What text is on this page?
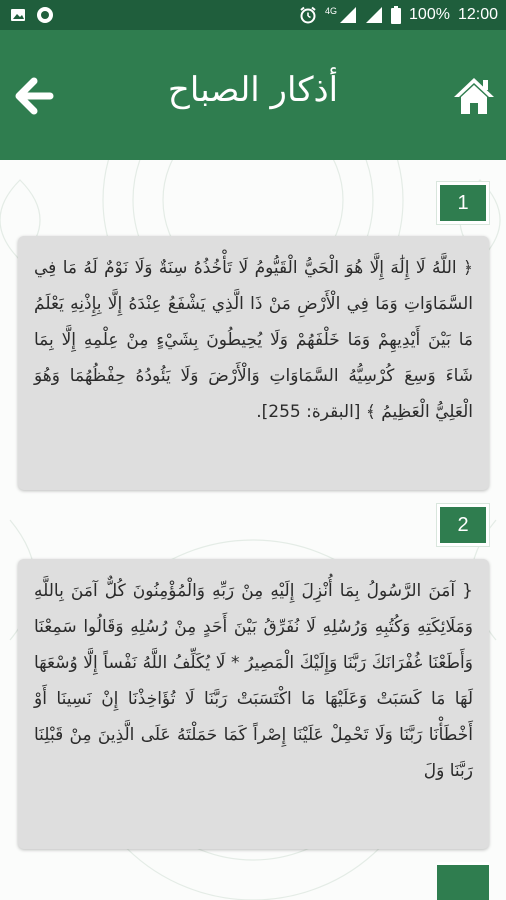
4G	100% 12:00
أذكار الصباح
1
﴿ اللَّهُ لَا إِلَٰهَ إِلَّا هُوَ الْحَيُّ الْقَيُّومُ لَا تَأْخُذُهُ سِنَةٌ وَلَا نَوْمٌ لَهُ مَا فِي السَّمَاوَاتِ وَمَا فِي الْأَرْضِ مَنْ ذَا الَّذِي يَشْفَعُ عِنْدَهُ إِلَّا بِإِذْنِهِ يَعْلَمُ مَا بَيْنَ أَيْدِيهِمْ وَمَا خَلْفَهُمْ وَلَا يُحِيطُونَ بِشَيْءٍ مِنْ عِلْمِهِ إِلَّا بِمَا شَاءَ وَسِعَ كُرْسِيُّهُ السَّمَاوَاتِ وَالْأَرْضَ وَلَا يَئُودُهُ حِفْظُهُمَا وَهُوَ الْعَلِيُّ الْعَظِيمُ ﴾ [البقرة: 255].
2
{ آمَنَ الرَّسُولُ بِمَا أُنْزِلَ إِلَيْهِ مِنْ رَبِّهِ وَالْمُؤْمِنُونَ كُلٌّ آمَنَ بِاللَّهِ وَمَلَائِكَتِهِ وَكُتُبِهِ وَرُسُلِهِ لَا نُفَرِّقُ بَيْنَ أَحَدٍ مِنْ رُسُلِهِ وَقَالُوا سَمِعْنَا وَأَطَعْنَا غُفْرَانَكَ رَبَّنَا وَإِلَيْكَ الْمَصِيرُ * لَا يُكَلِّفُ اللَّهُ نَفْساً إِلَّا وُسْعَهَا لَهَا مَا كَسَبَتْ وَعَلَيْهَا مَا اكْتَسَبَتْ رَبَّنَا لَا تُؤَاخِذْنَا إِنْ نَسِينَا أَوْ أَخْطَأْنَا رَبَّنَا وَلَا تَحْمِلْ عَلَيْنَا إِصْراً كَمَا حَمَلْتَهُ عَلَى الَّذِينَ مِنْ قَبْلِنَا رَبَّنَا وَلَ
